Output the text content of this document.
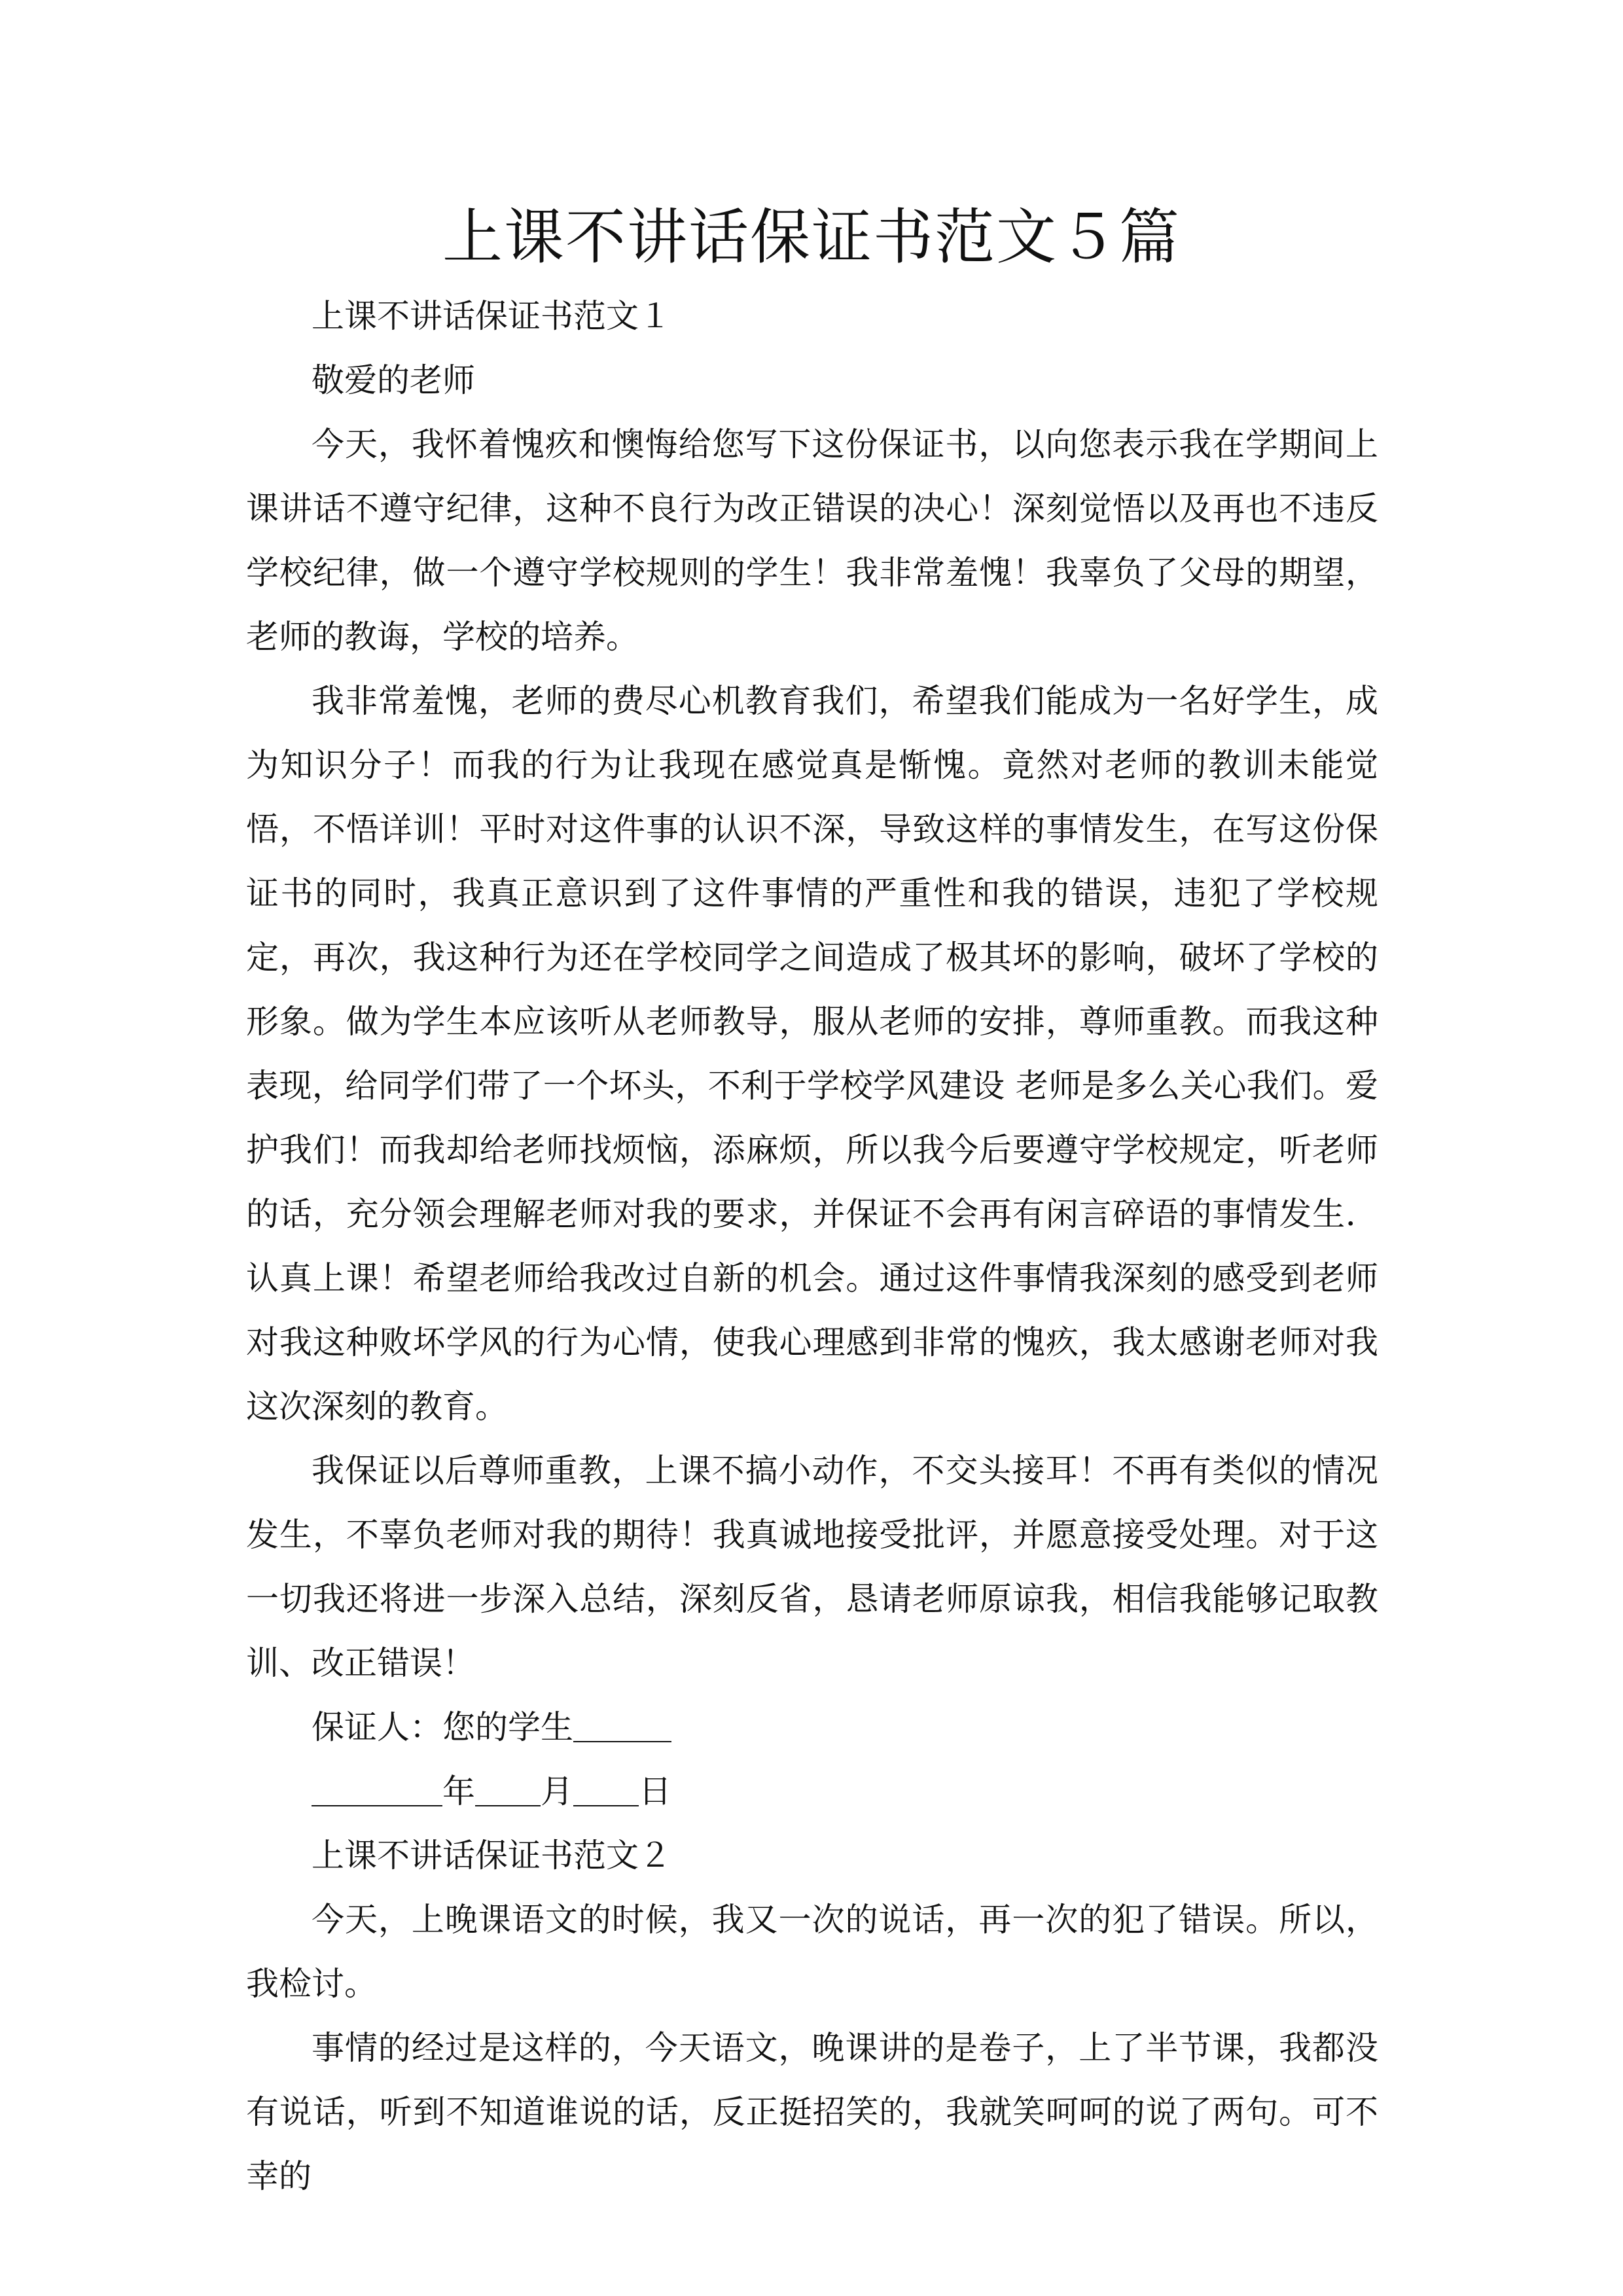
上课不讲话保证书范文５篇

上课不讲话保证书范文１

敬爱的老师

今天，我怀着愧疚和懊悔给您写下这份保证书，以向您表示我在学期间上课讲话不遵守纪律，这种不良行为改正错误的决心！深刻觉悟以及再也不违反学校纪律，做一个遵守学校规则的学生！我非常羞愧！我辜负了父母的期望，老师的教诲，学校的培养。

我非常羞愧，老师的费尽心机教育我们，希望我们能成为一名好学生，成为知识分子！而我的行为让我现在感觉真是惭愧。竟然对老师的教训未能觉悟，不悟详训！平时对这件事的认识不深，导致这样的事情发生，在写这份保证书的同时，我真正意识到了这件事情的严重性和我的错误，违犯了学校规定，再次，我这种行为还在学校同学之间造成了极其坏的影响，破坏了学校的形象。做为学生本应该听从老师教导，服从老师的安排，尊师重教。而我这种表现，给同学们带了一个坏头，不利于学校学风建设 老师是多么关心我们。爱护我们！而我却给老师找烦恼，添麻烦，所以我今后要遵守学校规定，听老师的话，充分领会理解老师对我的要求，并保证不会再有闲言碎语的事情发生．认真上课！希望老师给我改过自新的机会。通过这件事情我深刻的感受到老师对我这种败坏学风的行为心情，使我心理感到非常的愧疚，我太感谢老师对我这次深刻的教育。

我保证以后尊师重教，上课不搞小动作，不交头接耳！不再有类似的情况发生，不辜负老师对我的期待！我真诚地接受批评，并愿意接受处理。对于这一切我还将进一步深入总结，深刻反省，恳请老师原谅我，相信我能够记取教训、改正错误！

保证人：您的学生＿＿＿

＿＿＿＿年＿＿月＿＿日

上课不讲话保证书范文２

今天，上晚课语文的时候，我又一次的说话，再一次的犯了错误。所以，我检讨。

事情的经过是这样的，今天语文，晚课讲的是卷子，上了半节课，我都没有说话，听到不知道谁说的话，反正挺招笑的，我就笑呵呵的说了两句。可不幸的
